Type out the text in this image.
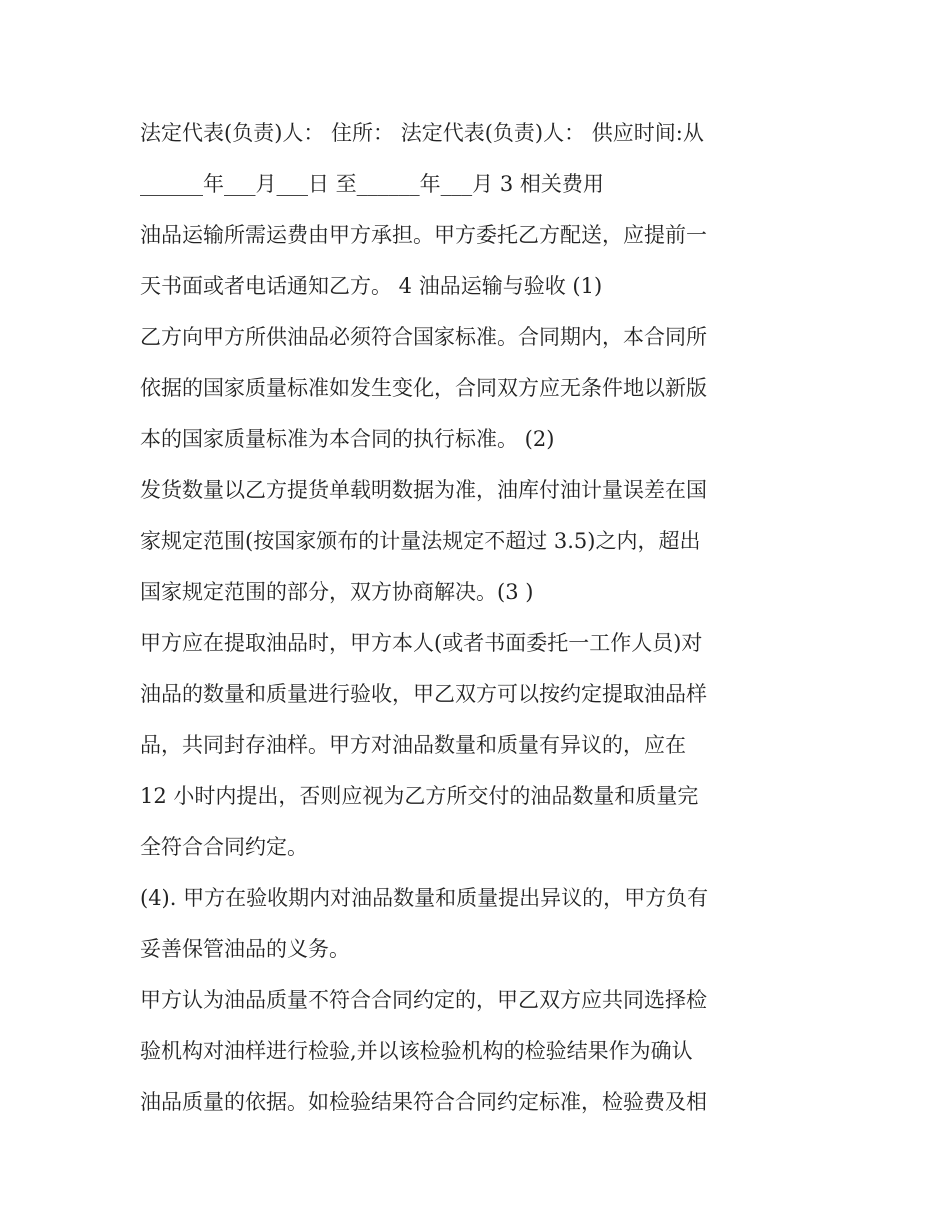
法定代表(负责)人： 住所： 法定代表(负责)人： 供应时间:从
______年___月___日 至______年___月 3 相关费用
油品运输所需运费由甲方承担。甲方委托乙方配送，应提前一
天书面或者电话通知乙方。 4 油品运输与验收 (1)
乙方向甲方所供油品必须符合国家标准。合同期内，本合同所
依据的国家质量标准如发生变化，合同双方应无条件地以新版
本的国家质量标准为本合同的执行标准。 (2)
发货数量以乙方提货单载明数据为准，油库付油计量误差在国
家规定范围(按国家颁布的计量法规定不超过 3.5)之内，超出
国家规定范围的部分，双方协商解决。(3 )
甲方应在提取油品时，甲方本人(或者书面委托一工作人员)对
油品的数量和质量进行验收，甲乙双方可以按约定提取油品样
品，共同封存油样。甲方对油品数量和质量有异议的，应在
12 小时内提出，否则应视为乙方所交付的油品数量和质量完
全符合合同约定。
(4). 甲方在验收期内对油品数量和质量提出异议的，甲方负有
妥善保管油品的义务。
甲方认为油品质量不符合合同约定的，甲乙双方应共同选择检
验机构对油样进行检验,并以该检验机构的检验结果作为确认
油品质量的依据。如检验结果符合合同约定标准，检验费及相
